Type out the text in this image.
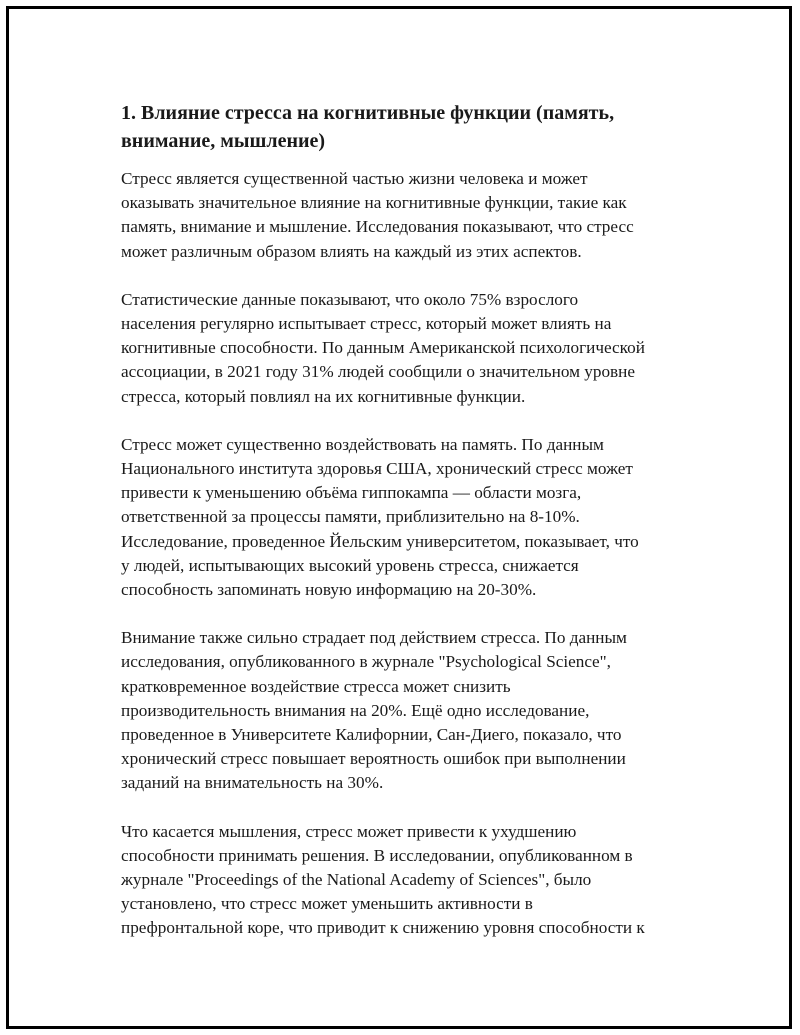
1. Влияние стресса на когнитивные функции (память,
внимание, мышление)

Стресс является существенной частью жизни человека и может
оказывать значительное влияние на когнитивные функции, такие как
память, внимание и мышление. Исследования показывают, что стресс
может различным образом влиять на каждый из этих аспектов.

Статистические данные показывают, что около 75% взрослого
населения регулярно испытывает стресс, который может влиять на
когнитивные способности. По данным Американской психологической
ассоциации, в 2021 году 31% людей сообщили о значительном уровне
стресса, который повлиял на их когнитивные функции.

Стресс может существенно воздействовать на память. По данным
Национального института здоровья США, хронический стресс может
привести к уменьшению объёма гиппокампа — области мозга,
ответственной за процессы памяти, приблизительно на 8-10%.
Исследование, проведенное Йельским университетом, показывает, что
у людей, испытывающих высокий уровень стресса, снижается
способность запоминать новую информацию на 20-30%.

Внимание также сильно страдает под действием стресса. По данным
исследования, опубликованного в журнале "Psychological Science",
кратковременное воздействие стресса может снизить
производительность внимания на 20%. Ещё одно исследование,
проведенное в Университете Калифорнии, Сан-Диего, показало, что
хронический стресс повышает вероятность ошибок при выполнении
заданий на внимательность на 30%.

Что касается мышления, стресс может привести к ухудшению
способности принимать решения. В исследовании, опубликованном в
журнале "Proceedings of the National Academy of Sciences", было
установлено, что стресс может уменьшить активности в
префронтальной коре, что приводит к снижению уровня способности к
